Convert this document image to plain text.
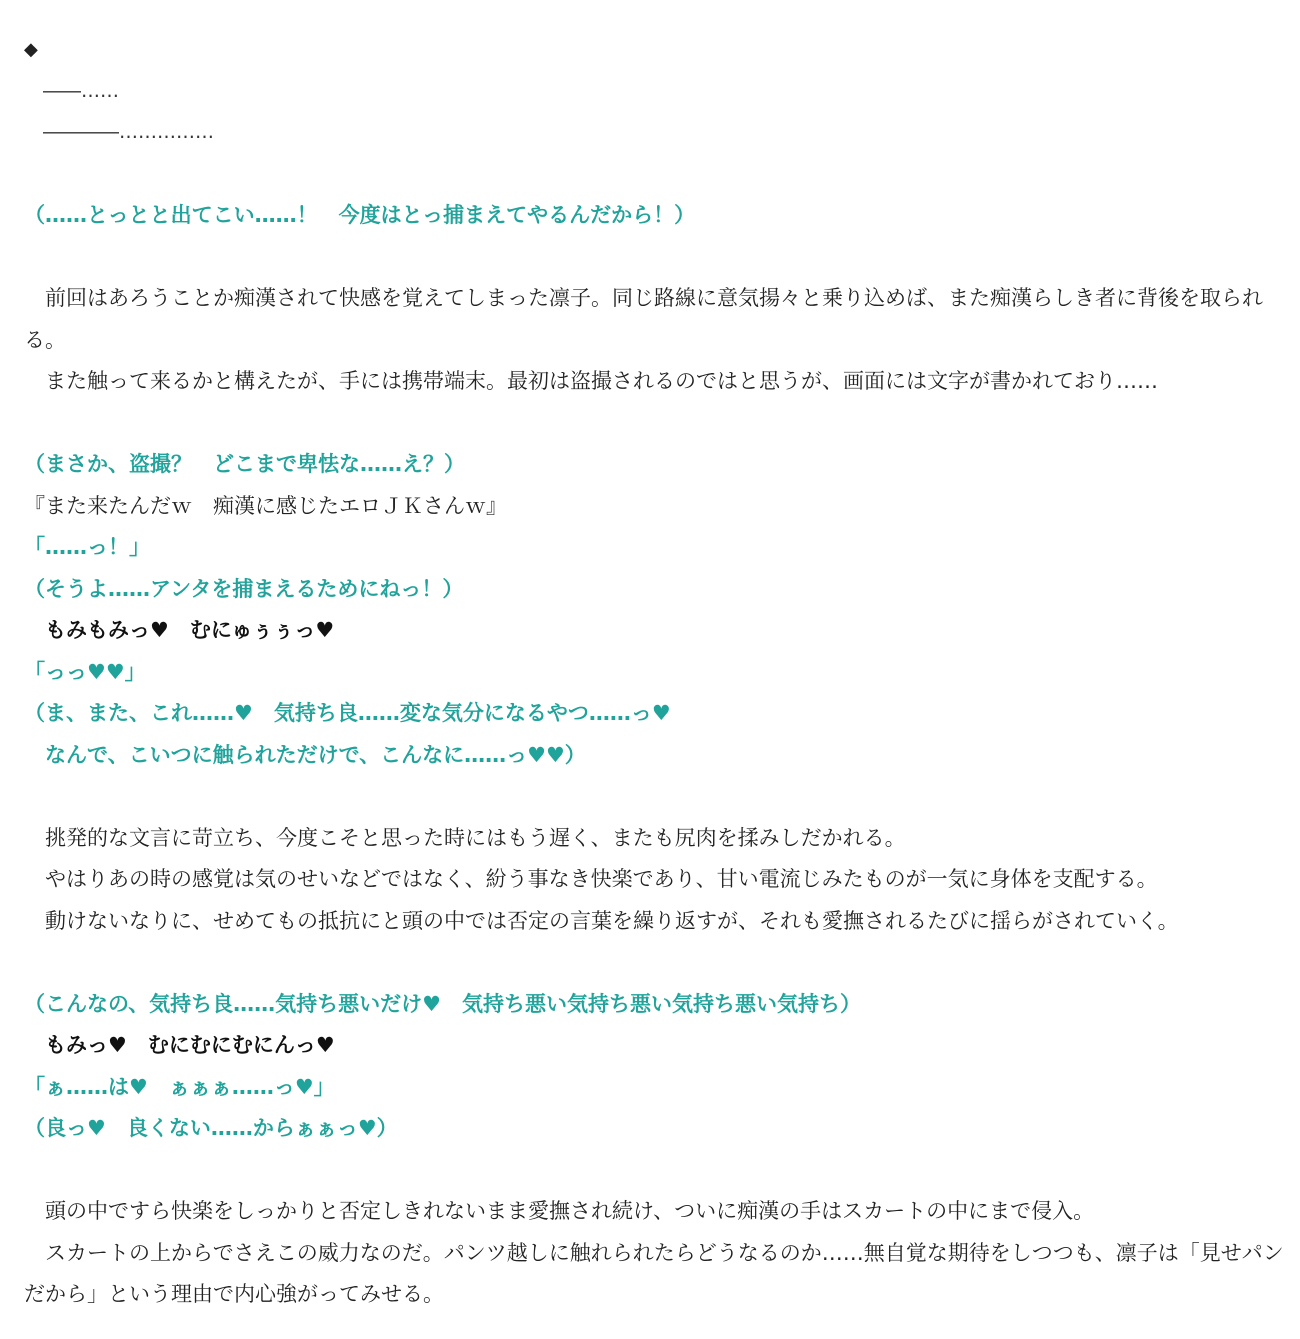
◆
　――……
　――――……………
（……とっとと出てこい……！　今度はとっ捕まえてやるんだから！）
　前回はあろうことか痴漢されて快感を覚えてしまった凛子。同じ路線に意気揚々と乗り込めば、また痴漢らしき者に背後を取られ
る。
　また触って来るかと構えたが、手には携帯端末。最初は盗撮されるのではと思うが、画面には文字が書かれており……
（まさか、盗撮？　どこまで卑怯な……え？）
『また来たんだｗ　痴漢に感じたエロＪＫさんｗ』
「……っ！」
（そうよ……アンタを捕まえるためにねっ！）
　もみもみっ♥　むにゅぅぅっ♥
「っっ♥♥」
（ま、また、これ……♥　気持ち良……変な気分になるやつ……っ♥
　なんで、こいつに触られただけで、こんなに……っ♥♥）
　挑発的な文言に苛立ち、今度こそと思った時にはもう遅く、またも尻肉を揉みしだかれる。
　やはりあの時の感覚は気のせいなどではなく、紛う事なき快楽であり、甘い電流じみたものが一気に身体を支配する。
　動けないなりに、せめてもの抵抗にと頭の中では否定の言葉を繰り返すが、それも愛撫されるたびに揺らがされていく。
（こんなの、気持ち良……気持ち悪いだけ♥　気持ち悪い気持ち悪い気持ち悪い気持ち）
　もみっ♥　むにむにむにんっ♥
「ぁ……は♥　ぁぁぁ……っ♥」
（良っ♥　良くない……からぁぁっ♥）
　頭の中ですら快楽をしっかりと否定しきれないまま愛撫され続け、ついに痴漢の手はスカートの中にまで侵入。
　スカートの上からでさえこの威力なのだ。パンツ越しに触れられたらどうなるのか……無自覚な期待をしつつも、凛子は「見せパン
だから」という理由で内心強がってみせる。
